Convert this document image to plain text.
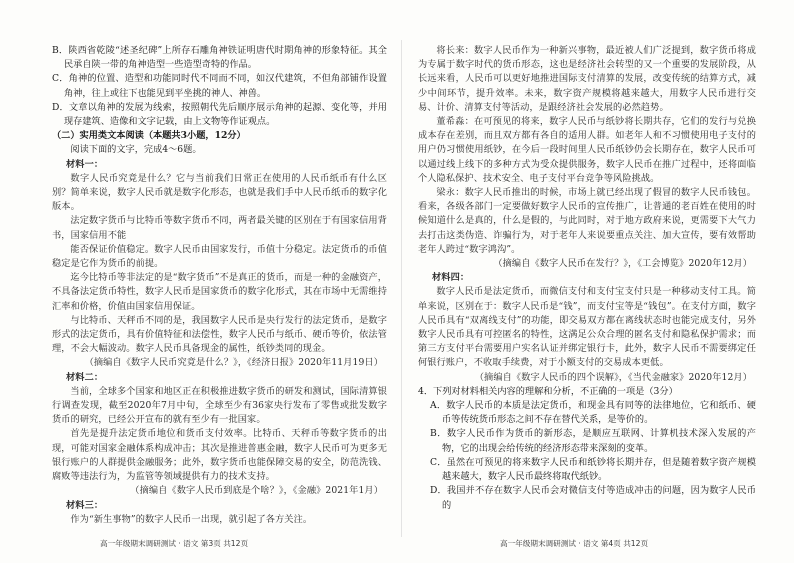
B．陕西省乾陵“述圣纪碑”上所存石雕角神铁证明唐代时期角神的形象特征。其全民承自陕一带的角神造型一些造型奇特的作品。

C．角神的位置、造型和功能同时代不同而不同，如汉代建筑，不但角部铺作设置角神，往上或往下也能见到平坐挑的神人、神兽。

D．文章以角神的发展为线索，按照朝代先后顺序展示角神的起源、变化等，并用现存建筑、造像和文字记载，由上文物等作证观点。

（二）实用类文本阅读（本题共3小题，12分）

阅读下面的文字，完成4～6题。

材料一：

数字人民币究竟是什么？它与当前我们日常正在使用的人民币纸币有什么区别？简单来说，数字人民币就是数字化形态，也就是我们手中人民币纸币的数字化版本。

法定数字货币与比特币等数字货币不同，两者最关键的区别在于有国家信用背书，国家信用不能

能否保证价值稳定。数字人民币由国家发行，币值十分稳定。法定货币的币值稳定是它作为货币的前提。

迄今比特币等非法定的是“数字货币”不是真正的货币，而是一种的金融资产，不具备法定货币特性，数字人民币是国家货币的数字化形式，其在市场中无需维持汇率和价格，价值由国家信用保证。

与比特币、天秤币不同的是，我国数字人民币是央行发行的法定货币，是数字形式的法定货币，具有价值特征和法偿性，数字人民币与纸币、硬币等价，依法管理，不会大幅波动。数字人民币具备现金的属性，纸钞类同的现金。

（摘编自《数字人民币究竟是什么？》，《经济日报》2020年11月19日）

材料二：

当前，全球多个国家和地区正在积极推进数字货币的研发和测试，国际清算银行调查发现，截至2020年7月中旬，全球至少有36家央行发布了零售或批发数字货币的研究，已经公开宣布的就有至少有一批国家。

首先是提升法定货币地位和货币支付效率。比特币、天秤币等数字货币的出现，可能对国家金融体系构成冲击；其次是推进普惠金融，数字人民币可为更多无银行账户的人群提供金融服务；此外，数字货币也能保障交易的安全，防范洗钱、腐败等违法行为，为监管等领域提供有力的技术支持。

（摘编自《数字人民币到底是个啥？》，《金融》2021年1月）

材料三：

作为“新生事物”的数字人民币一出现，就引起了各方关注。

将长来：数字人民币作为一种新兴事物，最近被人们广泛提到，数字货币将成为专属于数字时代的货币形态，这也是经济社会转型的又一个重要的发展阶段，从长远来看，人民币可以更好地推进国际支付清算的发展，改变传统的结算方式，减少中间环节，提升效率。未来，数字资产规模将越来越大，用数字人民币进行交易、计价、清算支付等活动，是跟经济社会发展的必然趋势。

董希淼：在可预见的将来，数字人民币与纸钞将长期共存，它们的发行与兑换成本存在差别，而且双方都有各自的适用人群。如老年人和不习惯使用电子支付的用户仍习惯使用纸钞，在今后一段时间里人民币纸钞仍会长期存在，数字人民币可以通过线上线下的多种方式为受众提供服务，数字人民币在推广过程中，还将面临个人隐私保护、技术安全、电子支付平台竞争等风险挑战。

梁永：数字人民币推出的时候，市场上就已经出现了假冒的数字人民币钱包。看来，各级各部门一定要做好数字人民币的宣传推广，让普通的老百姓在使用的时候知道什么是真的，什么是假的，与此同时，对于地方政府来说，更需要下大气力去打击这类伪造、诈骗行为，对于老年人来说要重点关注、加大宣传，要有效帮助老年人跨过“数字鸿沟”。

（摘编自《数字人民币在发行？》，《工会博览》2020年12月）

材料四：

数字人民币是法定货币，而微信支付和支付宝支付只是一种移动支付工具。简单来说，区别在于：数字人民币是“钱”，而支付宝等是“钱包”。在支付方面，数字人民币具有“双离线支付”的功能，即交易双方都在离线状态时也能完成支付，另外数字人民币具有可控匿名的特性，这满足公众合理的匿名支付和隐私保护需求；而第三方支付平台需要用户实名认证并绑定银行卡，此外，数字人民币不需要绑定任何银行账户，不收取手续费，对于小额支付的交易成本更低。

（摘编自《数字人民币的四个误解》，《当代金融家》2020年12月）

4．下列对材料相关内容的理解和分析，不正确的一项是（3分）

A．数字人民币的本质是法定货币，和现金具有同等的法律地位，它和纸币、硬币等传统货币形态之间不存在替代关系，是等价的。

B．数字人民币作为货币的新形态，是顺应互联网、计算机技术深入发展的产物，它的出现会给传统的经济形态带来深刻的变革。

C．虽然在可预见的将来数字人民币和纸钞将长期并存，但是随着数字资产规模越来越大，数字人民币最终将取代纸钞。

D．我国并不存在数字人民币会对微信支付等造成冲击的问题，因为数字人民币的

高一年级期末调研测试 · 语文 第3页 共12页	高一年级期末调研测试 · 语文 第4页 共12页
